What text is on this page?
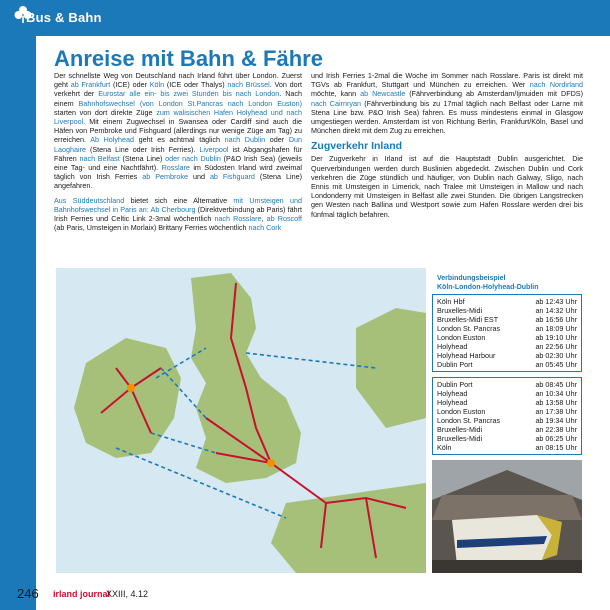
Bus & Bahn
Anreise mit Bahn & Fähre

Der schnellste Weg von Deutschland nach Irland führt über London. Zuerst geht ab Frankfurt (ICE) oder Köln (ICE oder Thalys) nach Brüssel. Von dort verkehrt der Eurostar alle ein- bis zwei Stunden bis nach London. Nach einem Bahnhofswechsel (von London St.Pancras nach London Euston) starten von dort direkte Züge zum walisischen Hafen Holyhead und nach Liverpool. Mit einem Zugwechsel in Swansea oder Cardiff sind auch die Häfen von Pembroke und Fishguard (allerdings nur wenige Züge am Tag) zu erreichen. Ab Holyhead geht es achtmal täglich nach Dublin oder Dun Laoghaire (Stena Line oder Irish Ferries). Liverpool ist Abgangshafen für Fähren nach Belfast (Stena Line) oder nach Dublin (P&O Irish Sea) (jeweils eine Tag- und eine Nachtfährt). Rosslare im Südosten Irland wird zweimal täglich von Irish Ferries ab Pembroke und ab Fishguard (Stena Line) angefahren.

Aus Süddeutschland bietet sich eine Alternative mit Umsteigen und Bahnhofswechsel in Paris an: Ab Cherbourg (Direktverbindung ab Paris) fährt Irish Ferries und Celtic Link 2-3mal wöchentlich nach Rosslare, ab Roscoff (ab Paris, Umsteigen in Morlaix) Brittany Ferries wöchentlich nach Cork

und Irish Ferries 1-2mal die Woche im Sommer nach Rosslare. Paris ist direkt mit TGVs ab Frankfurt, Stuttgart und München zu erreichen. Wer nach Nordirland möchte, kann ab Newcastle (Fährverbindung ab Amsterdam/Ijmuiden mit DFDS) nach Cairnryan (Fährverbindung bis zu 17mal täglich nach Belfast oder Larne mit Stena Line bzw. P&O Irish Sea) fahren. Es muss mindestens einmal in Glasgow umgestiegen werden. Amsterdam ist von Richtung Berlin, Frankfurt/Köln, Basel und München direkt mit dem Zug zu erreichen.

Zugverkehr Inland

Der Zugverkehr in Irland ist auf die Hauptstadt Dublin ausgerichtet. Die Querverbindungen werden durch Buslinien abgedeckt. Zwischen Dublin und Cork verkehren die Züge stündlich und häufiger, von Dublin nach Galway, Sligo, nach Ennis mit Umsteigen in Limerick, nach Tralee mit Umsteigen in Mallow und nach Londonderry mit Umsteigen in Belfast alle zwei Stunden. Die übrigen Langstrecken gen Westen nach Ballina und Westport sowie zum Hafen Rosslare werden drei bis fünfmal täglich befahren.

Verbindungsbeispiel
Köln-London-Holyhead-Dublin
Köln Hbf	ab 12:43 Uhr
Bruxelles-Midi	an 14:32 Uhr
Bruxelles-Midi EST	ab 16:56 Uhr
London St. Pancras	an 18:09 Uhr
London Euston	ab 19:10 Uhr
Holyhead	an 22:56 Uhr
Holyhead Harbour	ab 02:30 Uhr
Dublin Port	an 05:45 Uhr
Dublin Port	ab 08:45 Uhr
Holyhead	an 10:34 Uhr
Holyhead	ab 13:58 Uhr
London Euston	an 17:38 Uhr
London St. Pancras	ab 19:34 Uhr
Bruxelles-Midi	an 22:38 Uhr
Bruxelles-Midi	ab 06:25 Uhr
Köln	an 08:15 Uhr
246 irland journal
XXIII, 4.12
